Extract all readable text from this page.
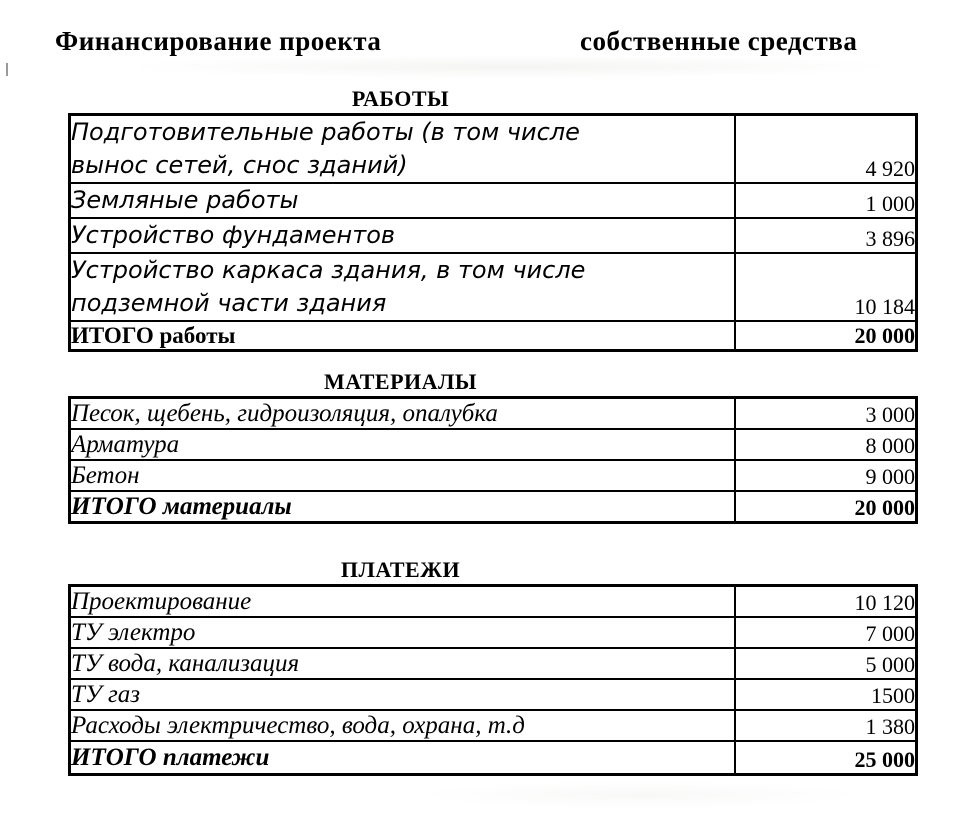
Финансирование проекта	собственные средства
РАБОТЫ
Подготовительные работы (в том числе вынос сетей, снос зданий)	4 920
Земляные работы	1 000
Устройство фундаментов	3 896
Устройство каркаса здания, в том числе подземной части здания	10 184
ИТОГО работы	20 000
МАТЕРИАЛЫ
Песок, щебень, гидроизоляция, опалубка	3 000
Арматура	8 000
Бетон	9 000
ИТОГО материалы	20 000
ПЛАТЕЖИ
Проектирование	10 120
ТУ электро	7 000
ТУ вода, канализация	5 000
ТУ газ	1500
Расходы электричество, вода, охрана, т.д	1 380
ИТОГО платежи	25 000
